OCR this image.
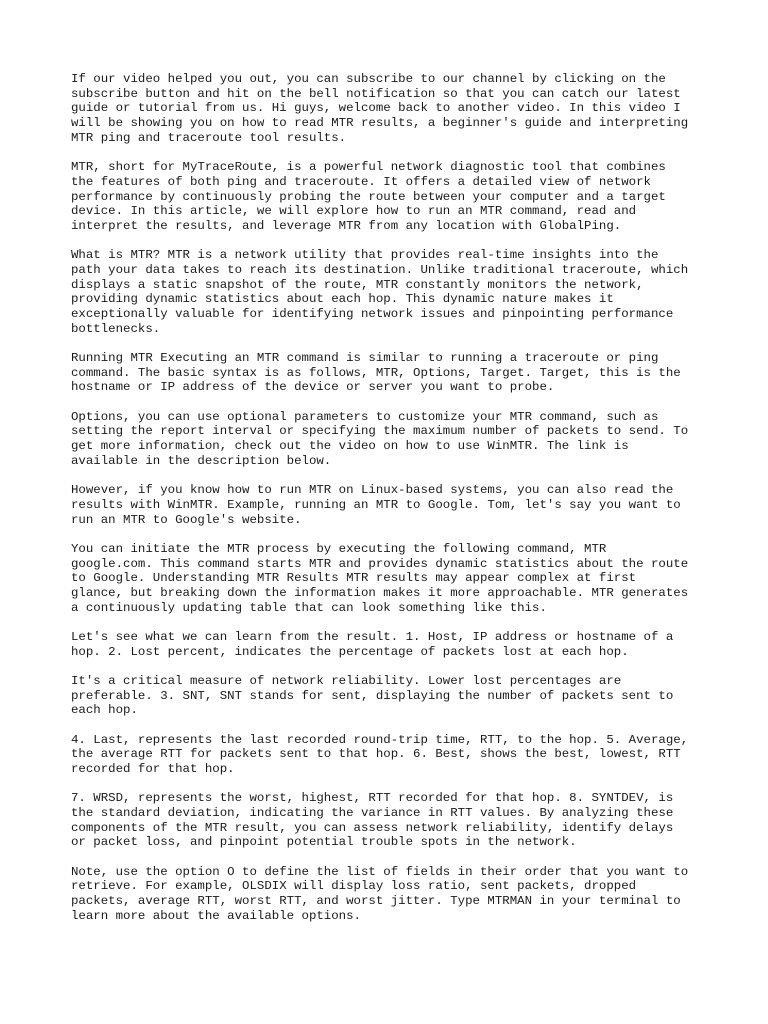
If our video helped you out, you can subscribe to our channel by clicking on the
subscribe button and hit on the bell notification so that you can catch our latest
guide or tutorial from us. Hi guys, welcome back to another video. In this video I
will be showing you on how to read MTR results, a beginner's guide and interpreting
MTR ping and traceroute tool results.

MTR, short for MyTraceRoute, is a powerful network diagnostic tool that combines
the features of both ping and traceroute. It offers a detailed view of network
performance by continuously probing the route between your computer and a target
device. In this article, we will explore how to run an MTR command, read and
interpret the results, and leverage MTR from any location with GlobalPing.

What is MTR? MTR is a network utility that provides real-time insights into the
path your data takes to reach its destination. Unlike traditional traceroute, which
displays a static snapshot of the route, MTR constantly monitors the network,
providing dynamic statistics about each hop. This dynamic nature makes it
exceptionally valuable for identifying network issues and pinpointing performance
bottlenecks.

Running MTR Executing an MTR command is similar to running a traceroute or ping
command. The basic syntax is as follows, MTR, Options, Target. Target, this is the
hostname or IP address of the device or server you want to probe.

Options, you can use optional parameters to customize your MTR command, such as
setting the report interval or specifying the maximum number of packets to send. To
get more information, check out the video on how to use WinMTR. The link is
available in the description below.

However, if you know how to run MTR on Linux-based systems, you can also read the
results with WinMTR. Example, running an MTR to Google. Tom, let's say you want to
run an MTR to Google's website.

You can initiate the MTR process by executing the following command, MTR
google.com. This command starts MTR and provides dynamic statistics about the route
to Google. Understanding MTR Results MTR results may appear complex at first
glance, but breaking down the information makes it more approachable. MTR generates
a continuously updating table that can look something like this.

Let's see what we can learn from the result. 1. Host, IP address or hostname of a
hop. 2. Lost percent, indicates the percentage of packets lost at each hop.

It's a critical measure of network reliability. Lower lost percentages are
preferable. 3. SNT, SNT stands for sent, displaying the number of packets sent to
each hop.

4. Last, represents the last recorded round-trip time, RTT, to the hop. 5. Average,
the average RTT for packets sent to that hop. 6. Best, shows the best, lowest, RTT
recorded for that hop.

7. WRSD, represents the worst, highest, RTT recorded for that hop. 8. SYNTDEV, is
the standard deviation, indicating the variance in RTT values. By analyzing these
components of the MTR result, you can assess network reliability, identify delays
or packet loss, and pinpoint potential trouble spots in the network.

Note, use the option O to define the list of fields in their order that you want to
retrieve. For example, OLSDIX will display loss ratio, sent packets, dropped
packets, average RTT, worst RTT, and worst jitter. Type MTRMAN in your terminal to
learn more about the available options.
